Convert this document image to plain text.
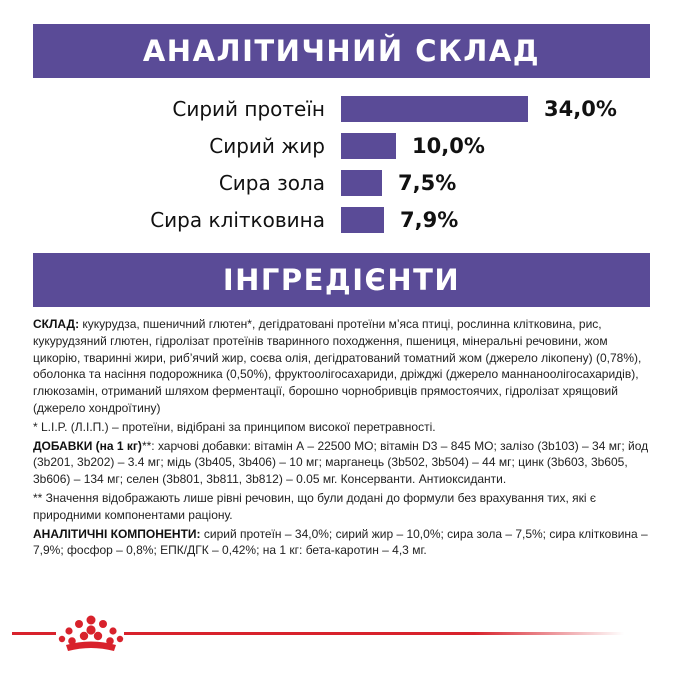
АНАЛІТИЧНИЙ СКЛАД
Сирий протеїн	34,0%
Сирий жир	10,0%
Сира зола	7,5%
Сира клітковина	7,9%
ІНГРЕДІЄНТИ

СКЛАД: кукурудза, пшеничний глютен*, дегідратовані протеїни м’яса птиці, рослинна клітковина, рис, кукурудзяний глютен, гідролізат протеїнів тваринного походження, пшениця, мінеральні речовини, жом цикорію, тваринні жири, риб’ячий жир, соєва олія, дегідратований томатний жом (джерело лікопену) (0,78%), оболонка та насіння подорожника (0,50%), фруктоолігосахариди, дріжджі (джерело маннаноолігосахаридів), глюкозамін, отриманий шляхом ферментації, борошно чорнобривців прямостоячих, гідролізат хрящовий (джерело хондроїтину)

* L.I.P. (Л.І.П.) – протеїни, відібрані за принципом високої перетравності.

ДОБАВКИ (на 1 кг)**: харчові добавки: вітамін А – 22500 МО; вітамін D3 – 845 МО; залізо (3b103) – 34 мг; йод (3b201, 3b202) – 3.4 мг; мідь (3b405, 3b406) – 10 мг; марганець (3b502, 3b504) – 44 мг; цинк (3b603, 3b605, 3b606) – 134 мг; селен (3b801, 3b811, 3b812) – 0.05 мг. Консерванти. Антиоксиданти.

** Значення відображають лише рівні речовин, що були додані до формули без врахування тих, які є природними компонентами раціону.

АНАЛІТИЧНІ КОМПОНЕНТИ: сирий протеїн – 34,0%; сирий жир – 10,0%; сира зола – 7,5%; сира клітковина – 7,9%; фосфор – 0,8%; ЕПК/ДГК – 0,42%; на 1 кг: бета-каротин – 4,3 мг.
